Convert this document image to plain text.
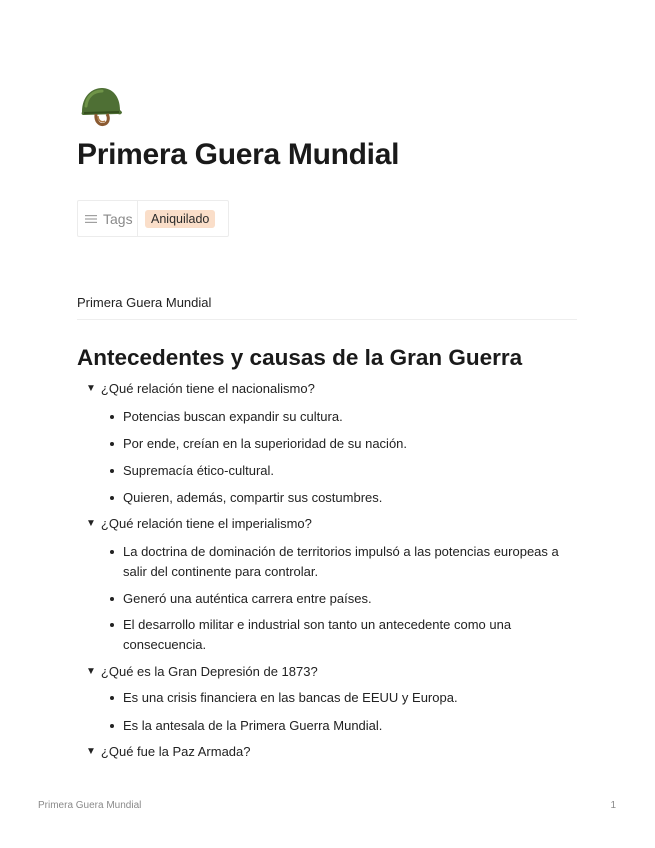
Primera Guera Mundial
Tags	Aniquilado
Primera Guera Mundial
Antecedentes y causas de la Gran Guerra
▼ ¿Qué relación tiene el nacionalismo?
Potencias buscan expandir su cultura.
Por ende, creían en la superioridad de su nación.
Supremacía ético-cultural.
Quieren, además, compartir sus costumbres.
▼ ¿Qué relación tiene el imperialismo?
La doctrina de dominación de territorios impulsó a las potencias europeas a salir del continente para controlar.
Generó una auténtica carrera entre países.
El desarrollo militar e industrial son tanto un antecedente como una consecuencia.
▼ ¿Qué es la Gran Depresión de 1873?
Es una crisis financiera en las bancas de EEUU y Europa.
Es la antesala de la Primera Guerra Mundial.
▼ ¿Qué fue la Paz Armada?
Primera Guera Mundial	1
